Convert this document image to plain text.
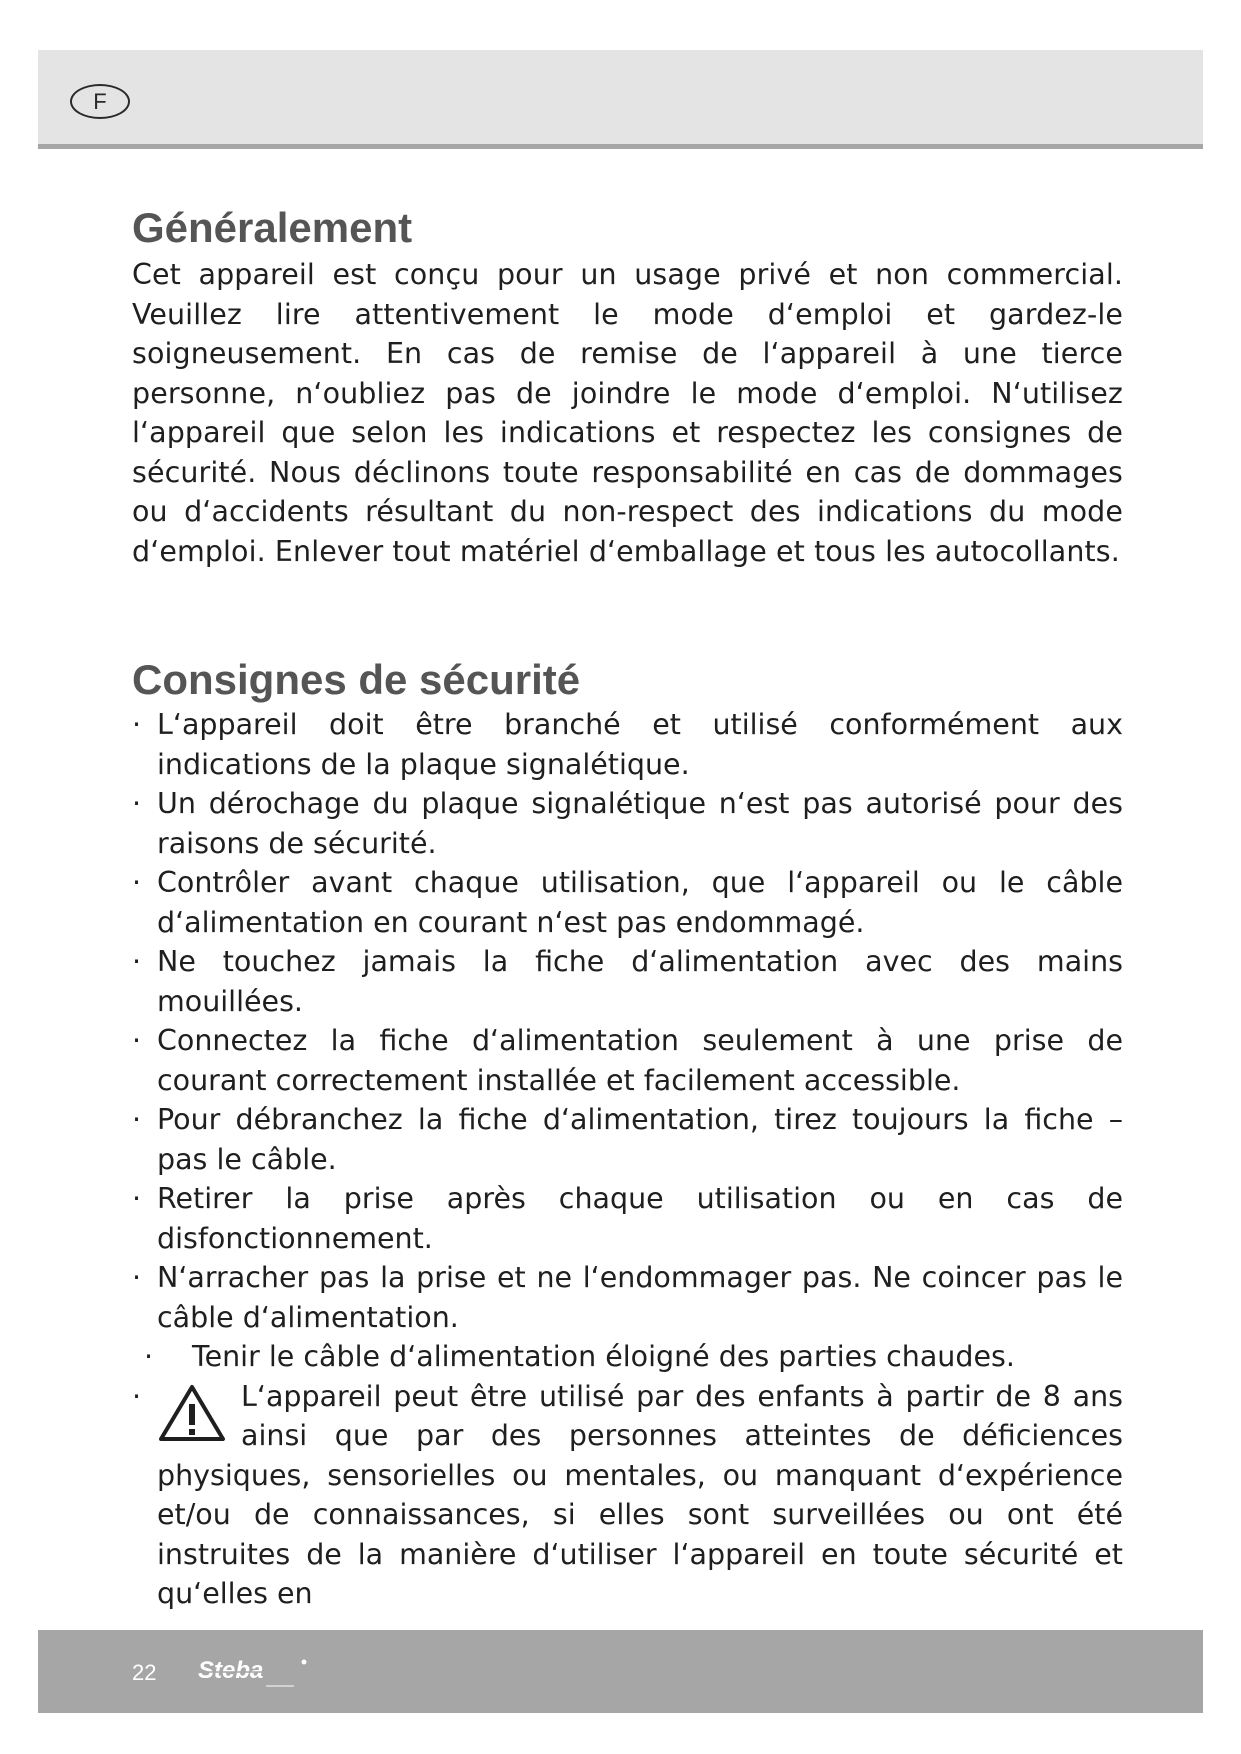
F
Généralement

Cet appareil est conçu pour un usage privé et non commercial. Veuillez lire attentivement le mode d‘emploi et gardez-le soigneusement. En cas de remise de l‘appareil à une tierce personne, n‘oubliez pas de joindre le mode d‘emploi. N‘utilisez l‘appareil que selon les indications et respectez les consignes de sécurité. Nous déclinons toute responsabilité en cas de dommages ou d‘accidents résultant du non-respect des indications du mode d‘emploi. Enlever tout matériel d‘emballage et tous les autocollants.

Consignes de sécurité
· L‘appareil doit être branché et utilisé conformément aux indications de la plaque signalétique.
· Un dérochage du plaque signalétique n‘est pas autorisé pour des raisons de sécurité.
· Contrôler avant chaque utilisation, que l‘appareil ou le câble d‘alimentation en courant n‘est pas endommagé.
· Ne touchez jamais la fiche d‘alimentation avec des mains mouillées.
· Connectez la fiche d‘alimentation seulement à une prise de courant correctement installée et facilement accessible.
· Pour débranchez la fiche d‘alimentation, tirez toujours la fiche – pas le câble.
· Retirer la prise après chaque utilisation ou en cas de disfonctionnement.
· N‘arracher pas la prise et ne l‘endommager pas. Ne coincer pas le câble d‘alimentation.
· Tenir le câble d‘alimentation éloigné des parties chaudes.
·	L‘appareil peut être utilisé par des enfants à partir de 8 ans ainsi que par des personnes atteintes de déficiences physiques, sensorielles ou mentales, ou manquant d‘expérience et/ou de connaissances, si elles sont surveillées ou ont été instruites de la manière d‘utiliser l‘appareil en toute sécurité et qu‘elles en
22 Steba
